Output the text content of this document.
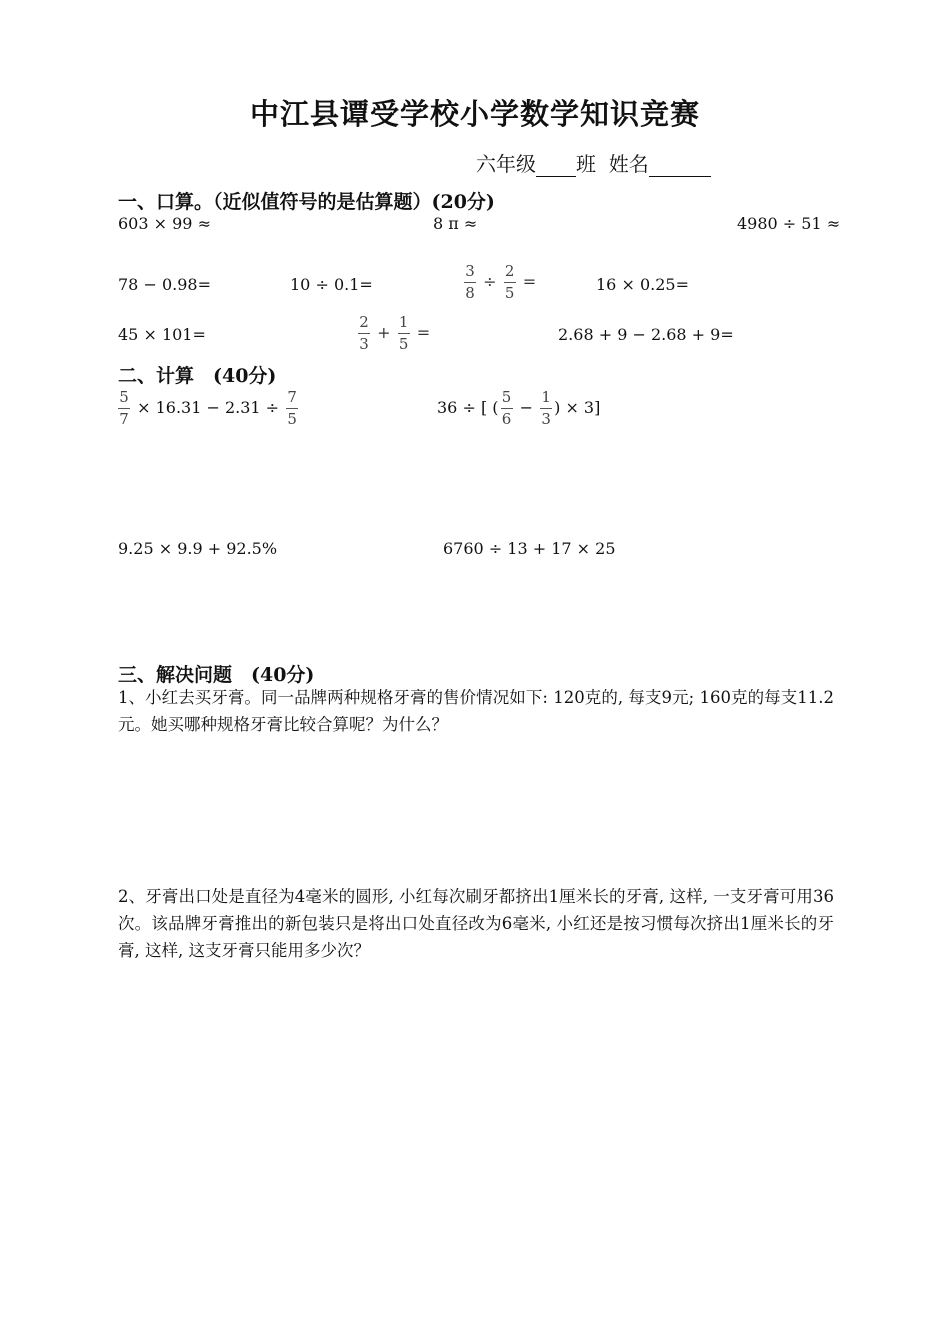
中江县谭受学校小学数学知识竞赛
六年级 班 姓名
一、口算。（近似值符号的是估算题）(20分)
603 × 99 ≈	8 π ≈	4980 ÷ 51 ≈
78 − 0.98=	10 ÷ 0.1=	$\frac{3}{8} \div \frac{2}{5}$ =	16 × 0.25=
45 × 101=	$\frac{2}{3} + \frac{1}{5}$ =	2.68 + 9 − 2.68 + 9=
二、计算　(40分)
$\frac{5}{7} \times 16.31 - 2.31 \div \frac{7}{5}$	36 ÷ [ ( $\frac{5}{6} - \frac{1}{3}$ ) × 3]
9.25 × 9.9 + 92.5%	6760 ÷ 13 + 17 × 25
三、解决问题　(40分)
1、小红去买牙膏。同一品牌两种规格牙膏的售价情况如下: 120克的, 每支9元; 160克的每支11.2元。她买哪种规格牙膏比较合算呢？为什么？
2、牙膏出口处是直径为4毫米的圆形, 小红每次刷牙都挤出1厘米长的牙膏, 这样, 一支牙膏可用36次。该品牌牙膏推出的新包装只是将出口处直径改为6毫米, 小红还是按习惯每次挤出1厘米长的牙膏, 这样, 这支牙膏只能用多少次？
